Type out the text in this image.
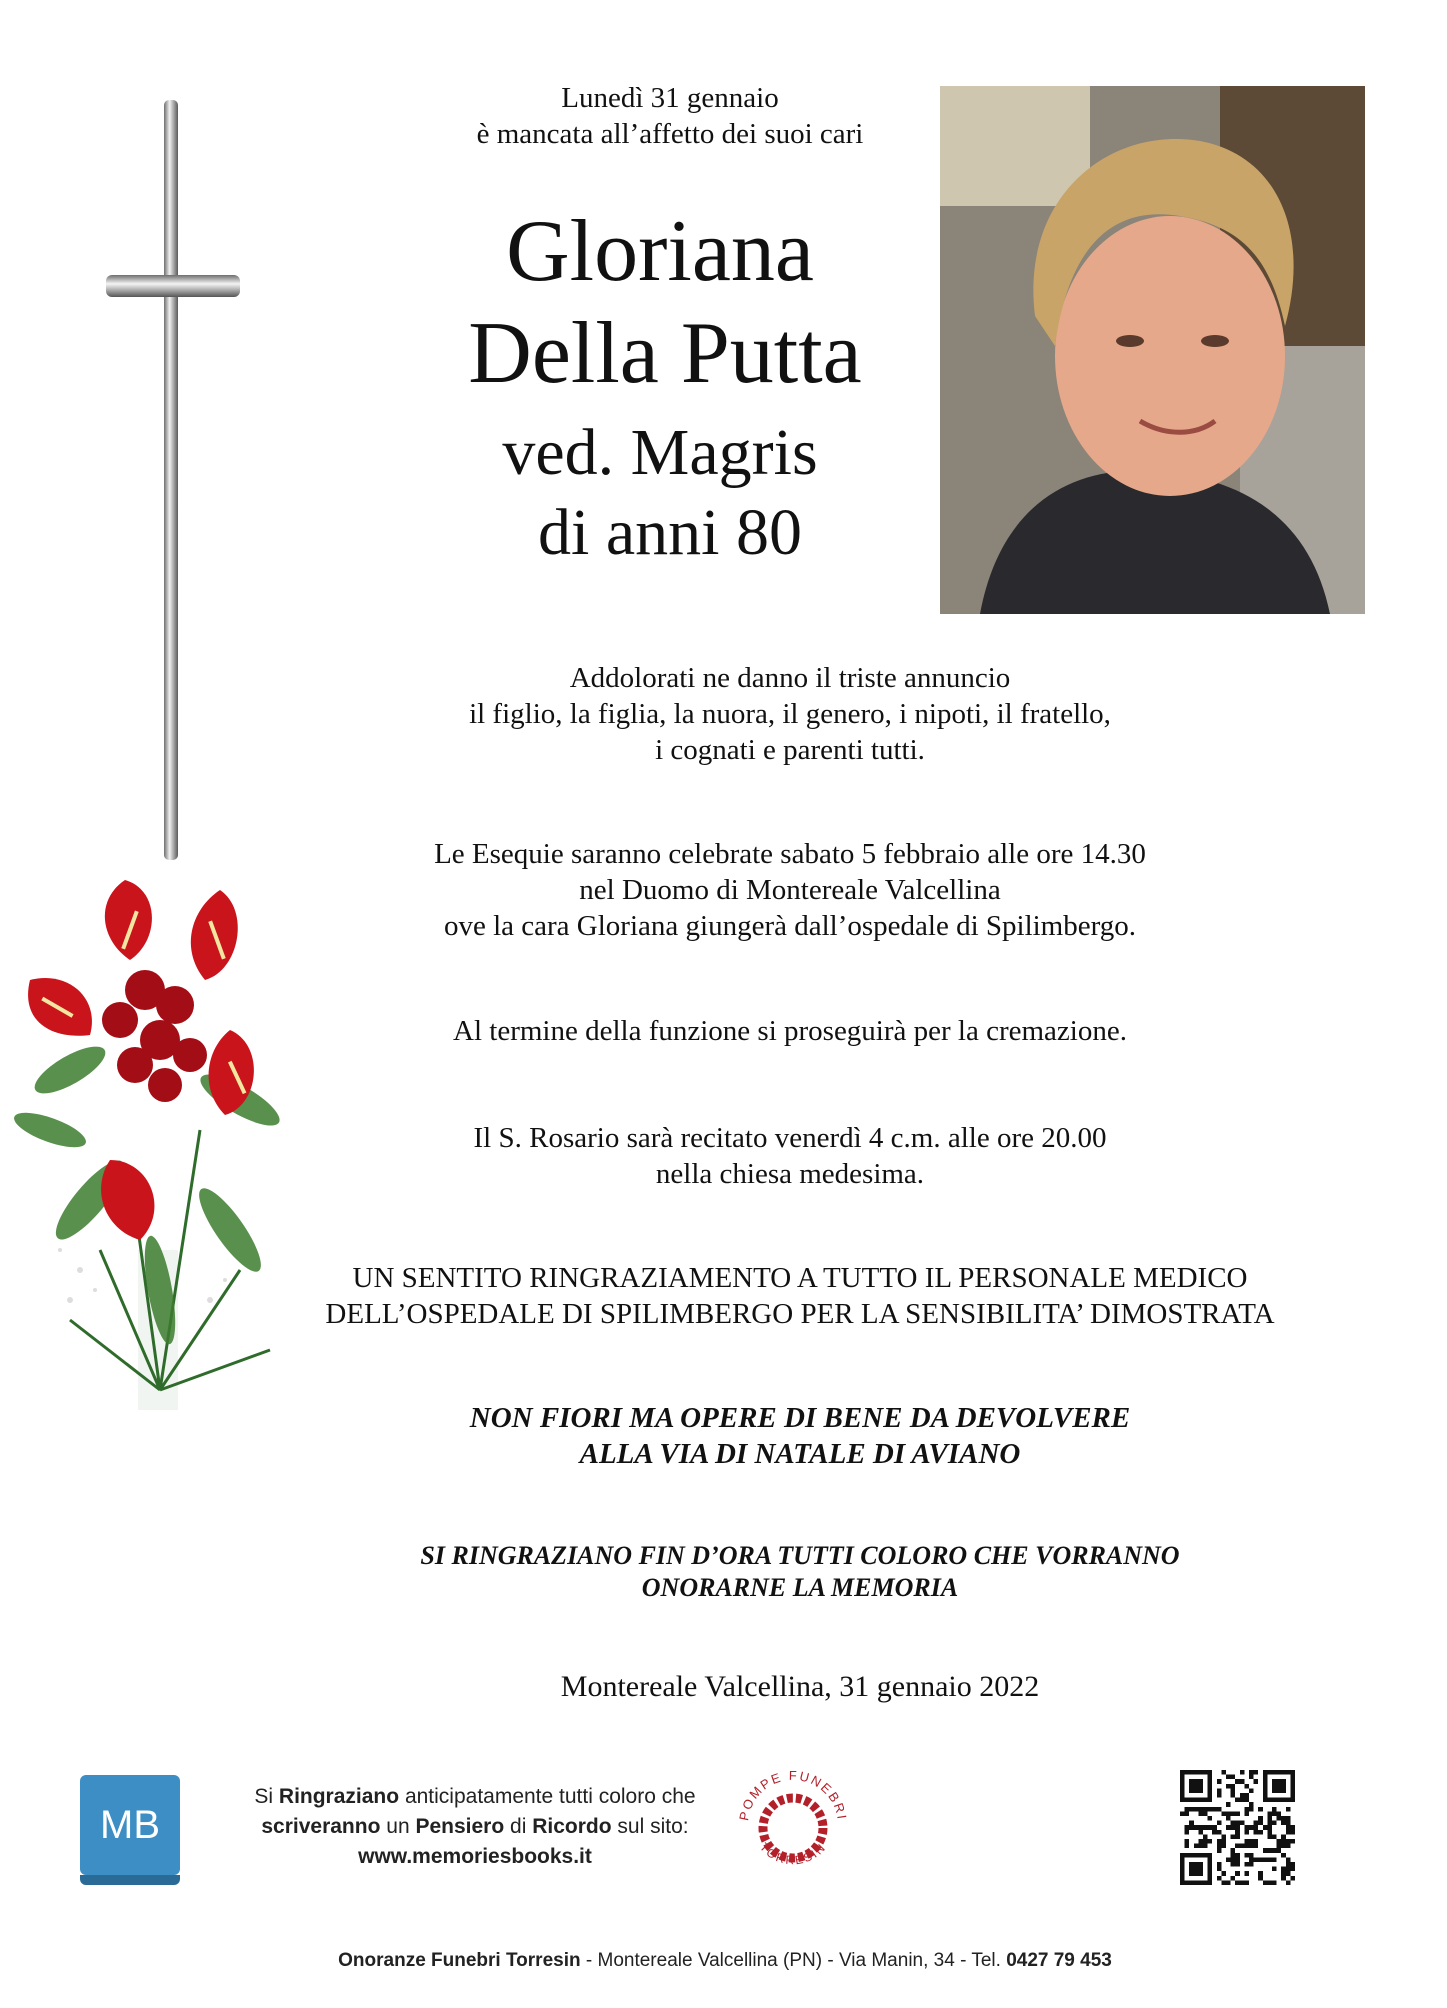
Lunedì 31 gennaio
è mancata all’affetto dei suoi cari
Gloriana
Della Putta
ved. Magris
di anni 80
Addolorati ne danno il triste annuncio
il figlio, la figlia, la nuora, il genero, i nipoti, il fratello,
i cognati e parenti tutti.
Le Esequie saranno celebrate sabato 5 febbraio alle ore 14.30
nel Duomo di Montereale Valcellina
ove la cara Gloriana giungerà dall’ospedale di Spilimbergo.
Al termine della funzione si proseguirà per la cremazione.
Il S. Rosario sarà recitato venerdì 4 c.m. alle ore 20.00
nella chiesa medesima.
UN SENTITO RINGRAZIAMENTO A TUTTO IL PERSONALE MEDICO
DELL’OSPEDALE DI SPILIMBERGO PER LA SENSIBILITA’ DIMOSTRATA
NON FIORI MA OPERE DI BENE DA DEVOLVERE
ALLA VIA DI NATALE DI AVIANO
SI RINGRAZIANO FIN D’ORA TUTTI COLORO CHE VORRANNO
ONORARNE LA MEMORIA
Montereale Valcellina, 31 gennaio 2022
MB
Si Ringraziano anticipatamente tutti coloro che
scriveranno un Pensiero di Ricordo sul sito:
www.memoriesbooks.it
POMPE FUNEBRI
TORRESIN
Onoranze Funebri Torresin - Montereale Valcellina (PN) - Via Manin, 34 - Tel. 0427 79 453
